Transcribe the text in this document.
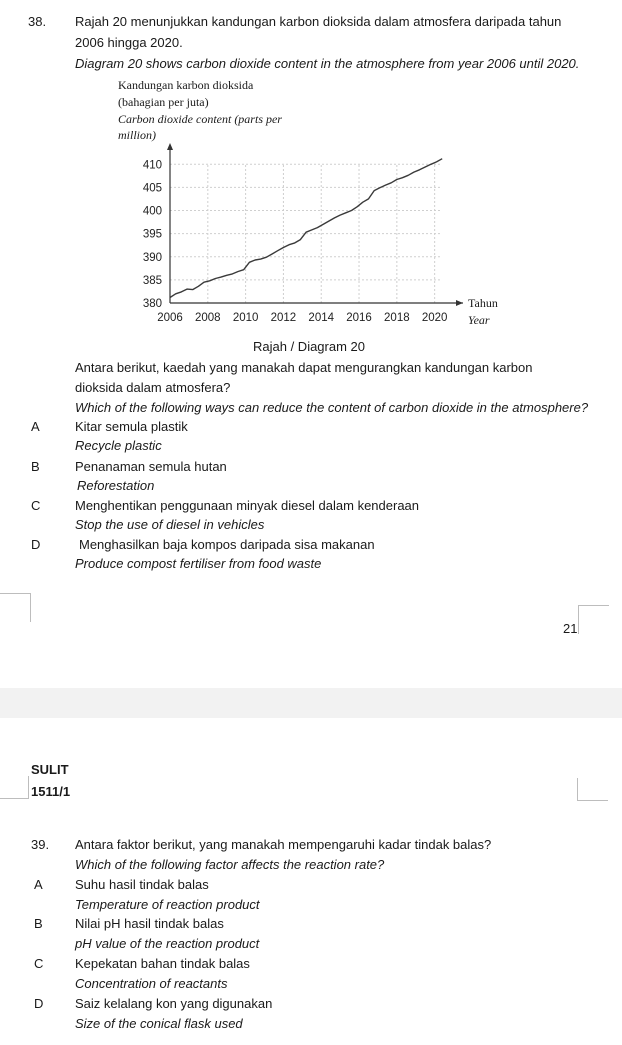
38. Rajah 20 menunjukkan kandungan karbon dioksida dalam atmosfera daripada tahun
2006 hingga 2020.
Diagram 20 shows carbon dioxide content in the atmosphere from year 2006 until 2020.
Kandungan karbon dioksida
(bahagian per juta)
Carbon dioxide content (parts per
million)
2006 2008 2010 2012 2014 2016 2018 2020
380
385
390
395
400
405
410
Tahun
Year
Rajah / Diagram 20
Antara berikut, kaedah yang manakah dapat mengurangkan kandungan karbon
dioksida dalam atmosfera?
Which of the following ways can reduce the content of carbon dioxide in the atmosphere?
A	Kitar semula plastik
Recycle plastic
B	Penanaman semula hutan
Reforestation
C	Menghentikan penggunaan minyak diesel dalam kenderaan
Stop the use of diesel in vehicles
D	Menghasilkan baja kompos daripada sisa makanan
Produce compost fertiliser from food waste
21
SULIT
1511/1
39. Antara faktor berikut, yang manakah mempengaruhi kadar tindak balas?
Which of the following factor affects the reaction rate?
A Suhu hasil tindak balas
Temperature of reaction product
B Nilai pH hasil tindak balas
pH value of the reaction product
C Kepekatan bahan tindak balas
Concentration of reactants
D Saiz kelalang kon yang digunakan
Size of the conical flask used
